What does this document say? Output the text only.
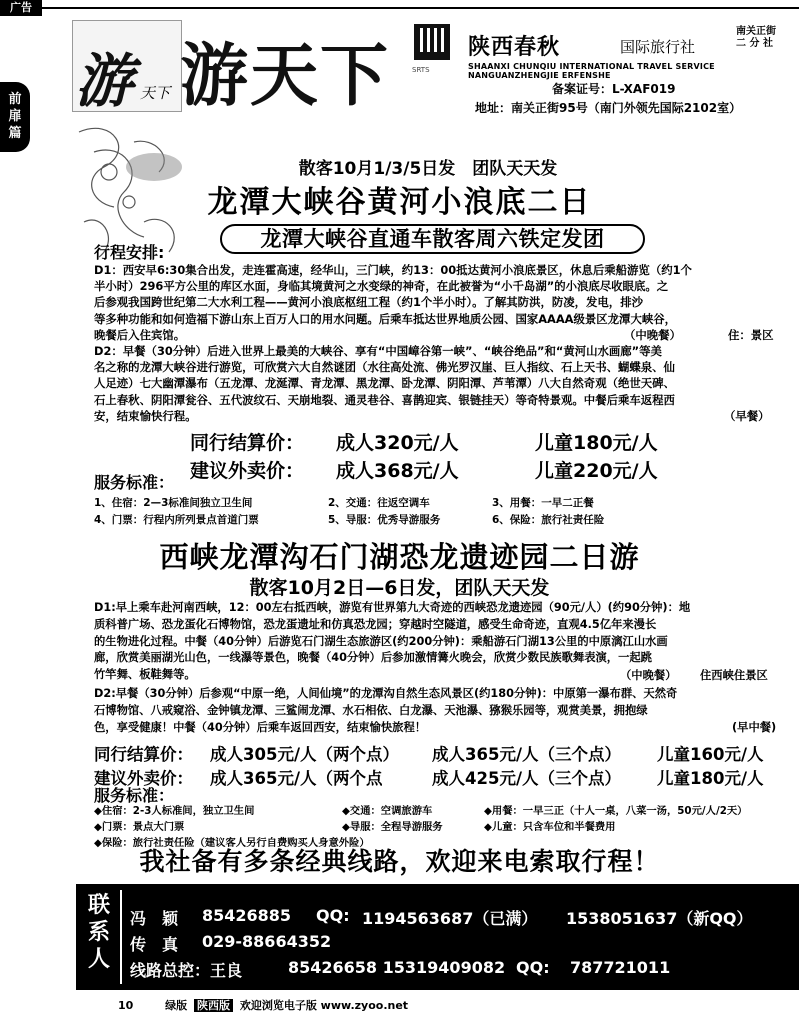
广告
前
扉
篇
游 天下 游天下	SRTS
陕西春秋	国际旅行社
南关正街
二 分 社
SHAANXI CHUNQIU INTERNATIONAL TRAVEL SERVICE NANGUANZHENGJIE ERFENSHE
备案证号：L-XAF019
地址：南关正街95号（南门外领先国际2102室）
散客10月1/3/5日发　团队天天发
龙潭大峡谷黄河小浪底二日
龙潭大峡谷直通车散客周六铁定发团
行程安排:
D1：西安早6:30集合出发，走连霍高速，经华山，三门峡，约13：00抵达黄河小浪底景区，休息后乘船游览（约1个
半小时）296平方公里的库区水面，身临其境黄河之水变绿的神奇，在此被誉为“小千岛湖”的小浪底尽收眼底。之
后参观我国跨世纪第二大水利工程——黄河小浪底枢纽工程（约1个半小时）。了解其防洪，防凌，发电，排沙
等多种功能和如何造福下游山东上百万人口的用水问题。后乘车抵达世界地质公园、国家AAAA级景区龙潭大峡谷，
晚餐后入住宾馆。	（中晚餐）	住：景区
D2：早餐（30分钟）后进入世界上最美的大峡谷、享有“中国嶂谷第一峡”、“峡谷绝品”和“黄河山水画廊”等美
名之称的龙潭大峡谷进行游览，可欣赏六大自然谜团（水往高处流、佛光罗汉崖、巨人指纹、石上天书、蝴蝶泉、仙
人足迹）七大幽潭瀑布（五龙潭、龙涎潭、青龙潭、黑龙潭、卧龙潭、阴阳潭、芦苇潭）八大自然奇观（绝世天碑、
石上春秋、阴阳潭瓮谷、五代波纹石、天崩地裂、通灵巷谷、喜鹊迎宾、银链挂天）等奇特景观。中餐后乘车返程西
安，结束愉快行程。	（早餐）
同行结算价： 成人320元/人	儿童180元/人
建议外卖价： 成人368元/人	儿童220元/人
服务标准：
1、住宿：2—3标准间独立卫生间	2、交通：往返空调车	3、用餐：一早二正餐
4、门票：行程内所列景点首道门票	5、导服：优秀导游服务	6、保险：旅行社责任险
西峡龙潭沟石门湖恐龙遗迹园二日游
散客10月2日—6日发，团队天天发
D1:早上乘车赴河南西峡，12：00左右抵西峡，游览有世界第九大奇迹的西峡恐龙遗迹园（90元/人）(约90分钟)：地
质科普广场、恐龙蛋化石博物馆，恐龙蛋遗址和仿真恐龙园；穿越时空隧道，感受生命奇迹，直观4.5亿年来漫长
的生物进化过程。中餐（40分钟）后游览石门湖生态旅游区(约200分钟)：乘船游石门湖13公里的中原漓江山水画
廊，欣赏美丽湖光山色，一线瀑等景色，晚餐（40分钟）后参加激情篝火晚会，欣赏少数民族歌舞表演，一起跳
竹竿舞、板鞋舞等。	（中晚餐） 住西峡住景区
D2:早餐（30分钟）后参观“中原一绝，人间仙境”的龙潭沟自然生态风景区(约180分钟)：中原第一瀑布群、天然奇
石博物馆、八戒窥浴、金钟镇龙潭、三鲨闹龙潭、水石相依、白龙瀑、天池瀑、猕猴乐园等，观赏美景，拥抱绿
色，享受健康！中餐（40分钟）后乘车返回西安，结束愉快旅程！	(早中餐)
同行结算价： 成人305元/人（两个点） 成人365元/人（三个点） 儿童160元/人
建议外卖价： 成人365元/人（两个点	成人425元/人（三个点） 儿童180元/人
服务标准：
◆住宿：2-3人标准间，独立卫生间	◆交通：空调旅游车	◆用餐：一早三正（十人一桌，八菜一汤，50元/人/2天）
◆门票：景点大门票	◆导服：全程导游服务	◆儿童：只含车位和半餐费用
◆保险：旅行社责任险（建议客人另行自费购买人身意外险）
我社备有多条经典线路，欢迎来电索取行程！
联
系
人
冯　颖 85426885 QQ: 1194563687（已满） 1538051637（新QQ）
传　真 029-88664352
线路总控：王良	85426658 15319409082 QQ: 787721011
10	绿版 陕西版 欢迎浏览电子版 www.zyoo.net
